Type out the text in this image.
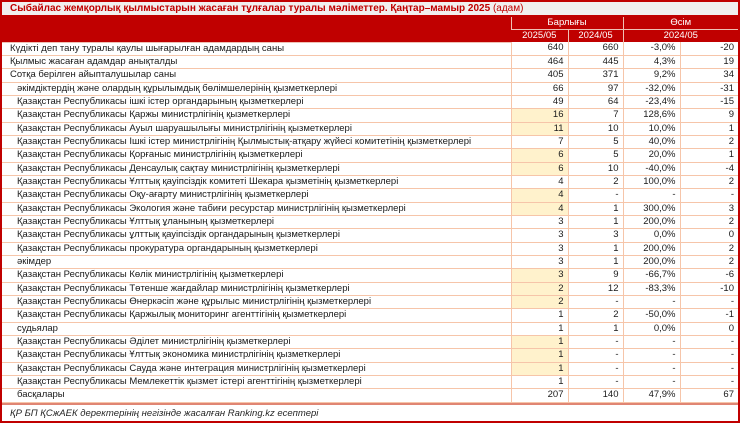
Сыбайлас жемқорлық қылмыстарын жасаған тұлғалар туралы мәліметтер. Қаңтар–мамыр 2025 (адам)
	Барлығы		Өсім	
	2025/05	2024/05	2024/05	
Күдікті деп тану туралы қаулы шығарылған адамдардың саны	640	660	-3,0%	-20
Қылмыс жасаған адамдар анықталды	464	445	4,3%	19
Сотқа берілген айыпталушылар саны	405	371	9,2%	34
әкімдіктердің және олардың құрылымдық бөлімшелерінің қызметкерлері	66	97	-32,0%	-31
Қазақстан Республикасы ішкі істер органдарының қызметкерлері	49	64	-23,4%	-15
Қазақстан Республикасы Қаржы министрлігінің қызметкерлері	16	7	128,6%	9
Қазақстан Республикасы Ауыл шаруашылығы министрлігінің қызметкерлері	11	10	10,0%	1
Қазақстан Республикасы Ішкі істер министрлігінің Қылмыстық-атқару жүйесі комитетінің қызметкерлері	7	5	40,0%	2
Қазақстан Республикасы Қорғаныс министрлігінің қызметкерлері	6	5	20,0%	1
Қазақстан Республикасы Денсаулық сақтау министрлігінің қызметкерлері	6	10	-40,0%	-4
Қазақстан Республикасы Ұлттық қауіпсіздік комитеті Шекара қызметінің қызметкерлері	4	2	100,0%	2
Қазақстан Республикасы Оқу-ағарту министрлігінің қызметкерлері	4	-	-	-
Қазақстан Республикасы Экология және табиғи ресурстар министрлігінің қызметкерлері	4	1	300,0%	3
Қазақстан Республикасы Ұлттық ұланының қызметкерлері	3	1	200,0%	2
Қазақстан Республикасы ұлттық қауіпсіздік органдарының қызметкерлері	3	3	0,0%	0
Қазақстан Республикасы прокуратура органдарының қызметкерлері	3	1	200,0%	2
әкімдер	3	1	200,0%	2
Қазақстан Республикасы Көлік министрлігінің қызметкерлері	3	9	-66,7%	-6
Қазақстан Республикасы Төтенше жағдайлар министрлігінің қызметкерлері	2	12	-83,3%	-10
Қазақстан Республикасы Өнеркәсіп және құрылыс министрлігінің қызметкерлері	2	-	-	-
Қазақстан Республикасы Қаржылық мониторинг агенттігінің қызметкерлері	1	2	-50,0%	-1
судьялар	1	1	0,0%	0
Қазақстан Республикасы Әділет министрлігінің қызметкерлері	1	-	-	-
Қазақстан Республикасы Ұлттық экономика министрлігінің қызметкерлері	1	-	-	-
Қазақстан Республикасы Сауда және интеграция министрлігінің қызметкерлері	1	-	-	-
Қазақстан Республикасы Мемлекеттік қызмет істері агенттігінің қызметкерлері	1	-	-	-
басқалары	207	140	47,9%	67
ҚР БП ҚСжАЕК деректерінің негізінде жасалған Ranking.kz есептері
